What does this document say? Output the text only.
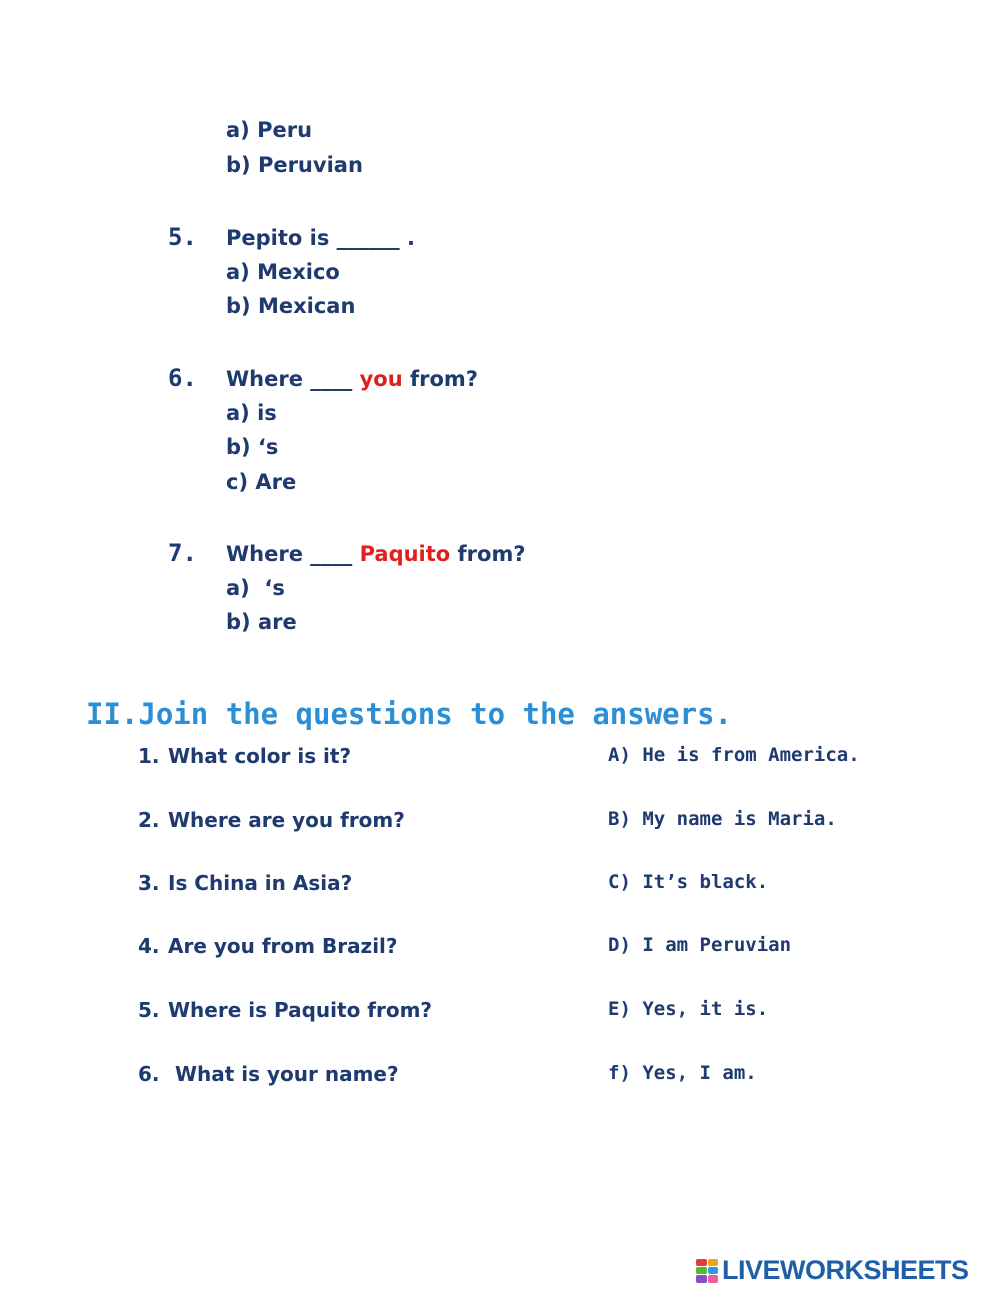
a) Peru
b) Peruvian
5. Pepito is ______ .
a) Mexico
b) Mexican
6. Where ____ you from?
a) is
b) ‘s
c) Are
7. Where ____ Paquito from?
a)  ‘s
b) are
II.Join the questions to the answers.
1. What color is it?
2. Where are you from?
3. Is China in Asia?
4. Are you from Brazil?
5. Where is Paquito from?
6. What is your name?
A) He is from America.
B) My name is Maria.
C) It’s black.
D) I am Peruvian
E) Yes, it is.
f) Yes, I am.
LIVEWORKSHEETS
